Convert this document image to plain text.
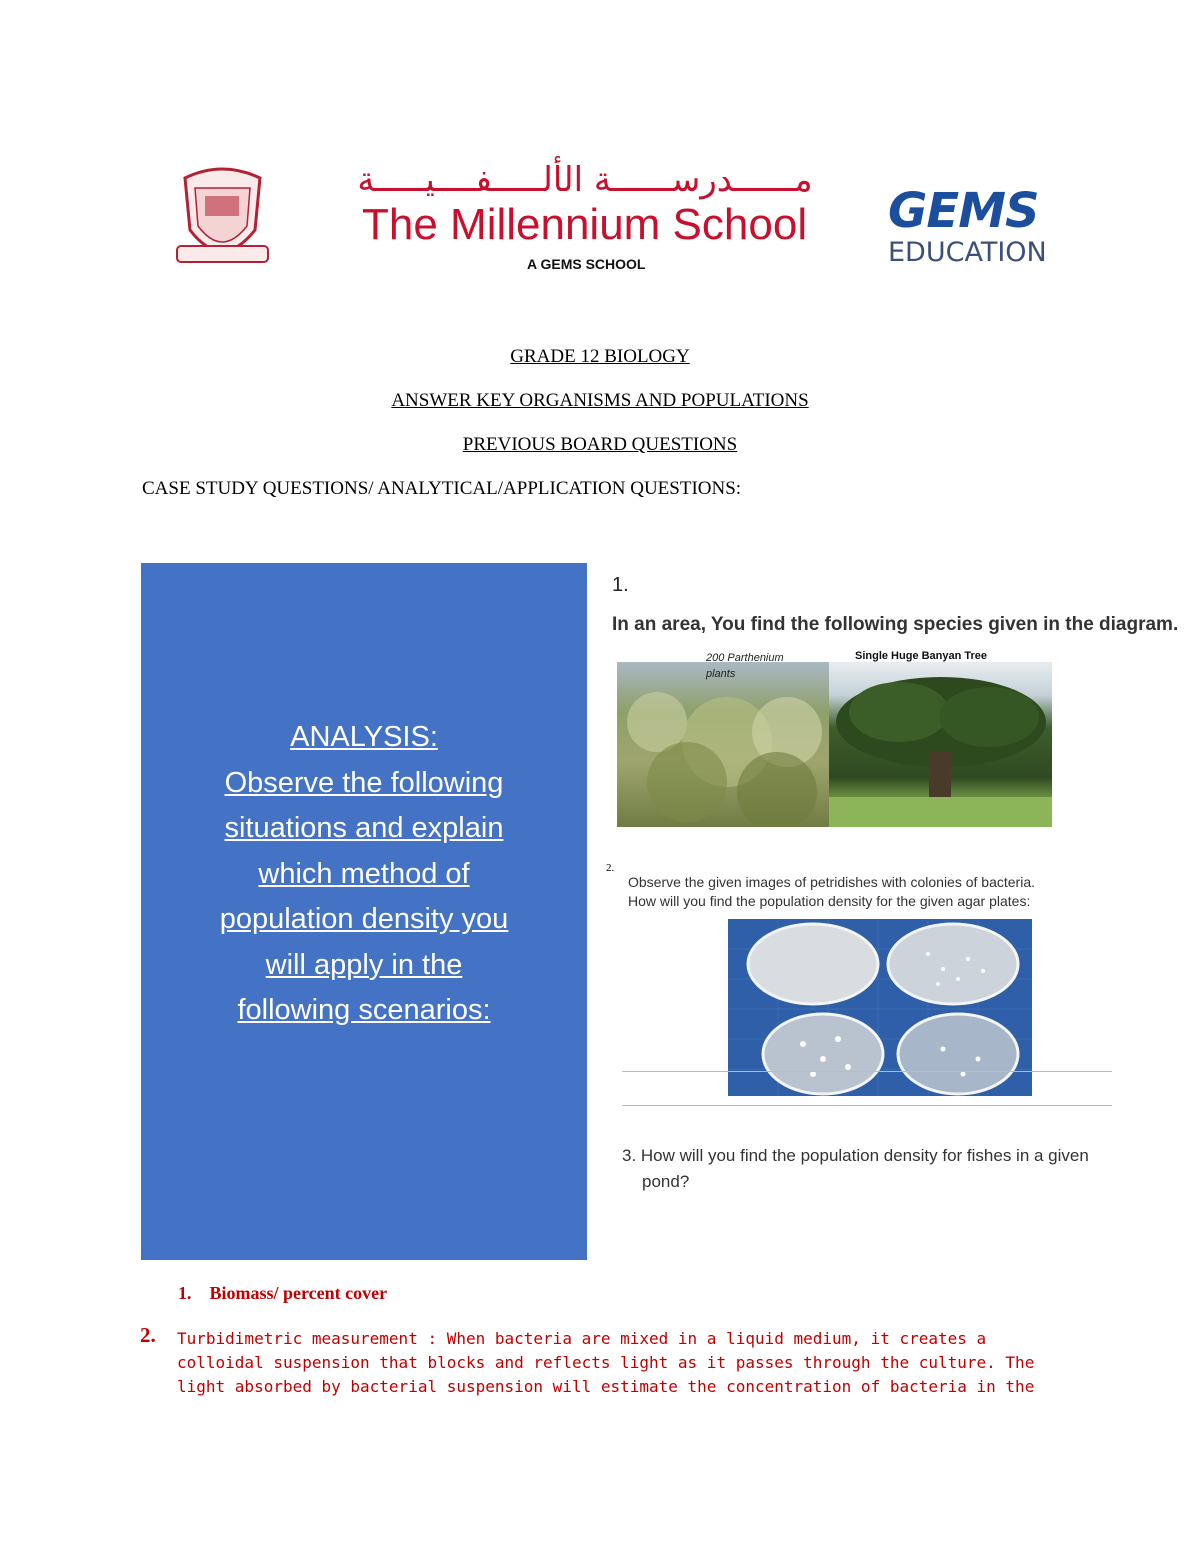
مــــــدرســــــة الألـــــفــــيـــــة
The Millennium School
A GEMS SCHOOL
GEMS
EDUCATION
GRADE 12 BIOLOGY
ANSWER KEY ORGANISMS AND POPULATIONS
PREVIOUS BOARD QUESTIONS
CASE STUDY QUESTIONS/ ANALYTICAL/APPLICATION QUESTIONS:
ANALYSIS:
Observe the following
situations and explain
which method of
population density you
will apply in the
following scenarios:
1.
In an area, You find the following species given in the diagram.
200 Parthenium
plants
Single Huge Banyan Tree
2.
Observe the given images of petridishes with colonies of bacteria.
How will you find the population density for the given agar plates:
3. How will you find the population density for fishes in a given
pond?
1. Biomass/ percent cover
2. Turbidimetric measurement : When bacteria are mixed in a liquid medium, it creates a colloidal suspension that blocks and reflects light as it passes through the culture. The light absorbed by bacterial suspension will estimate the concentration of bacteria in the
